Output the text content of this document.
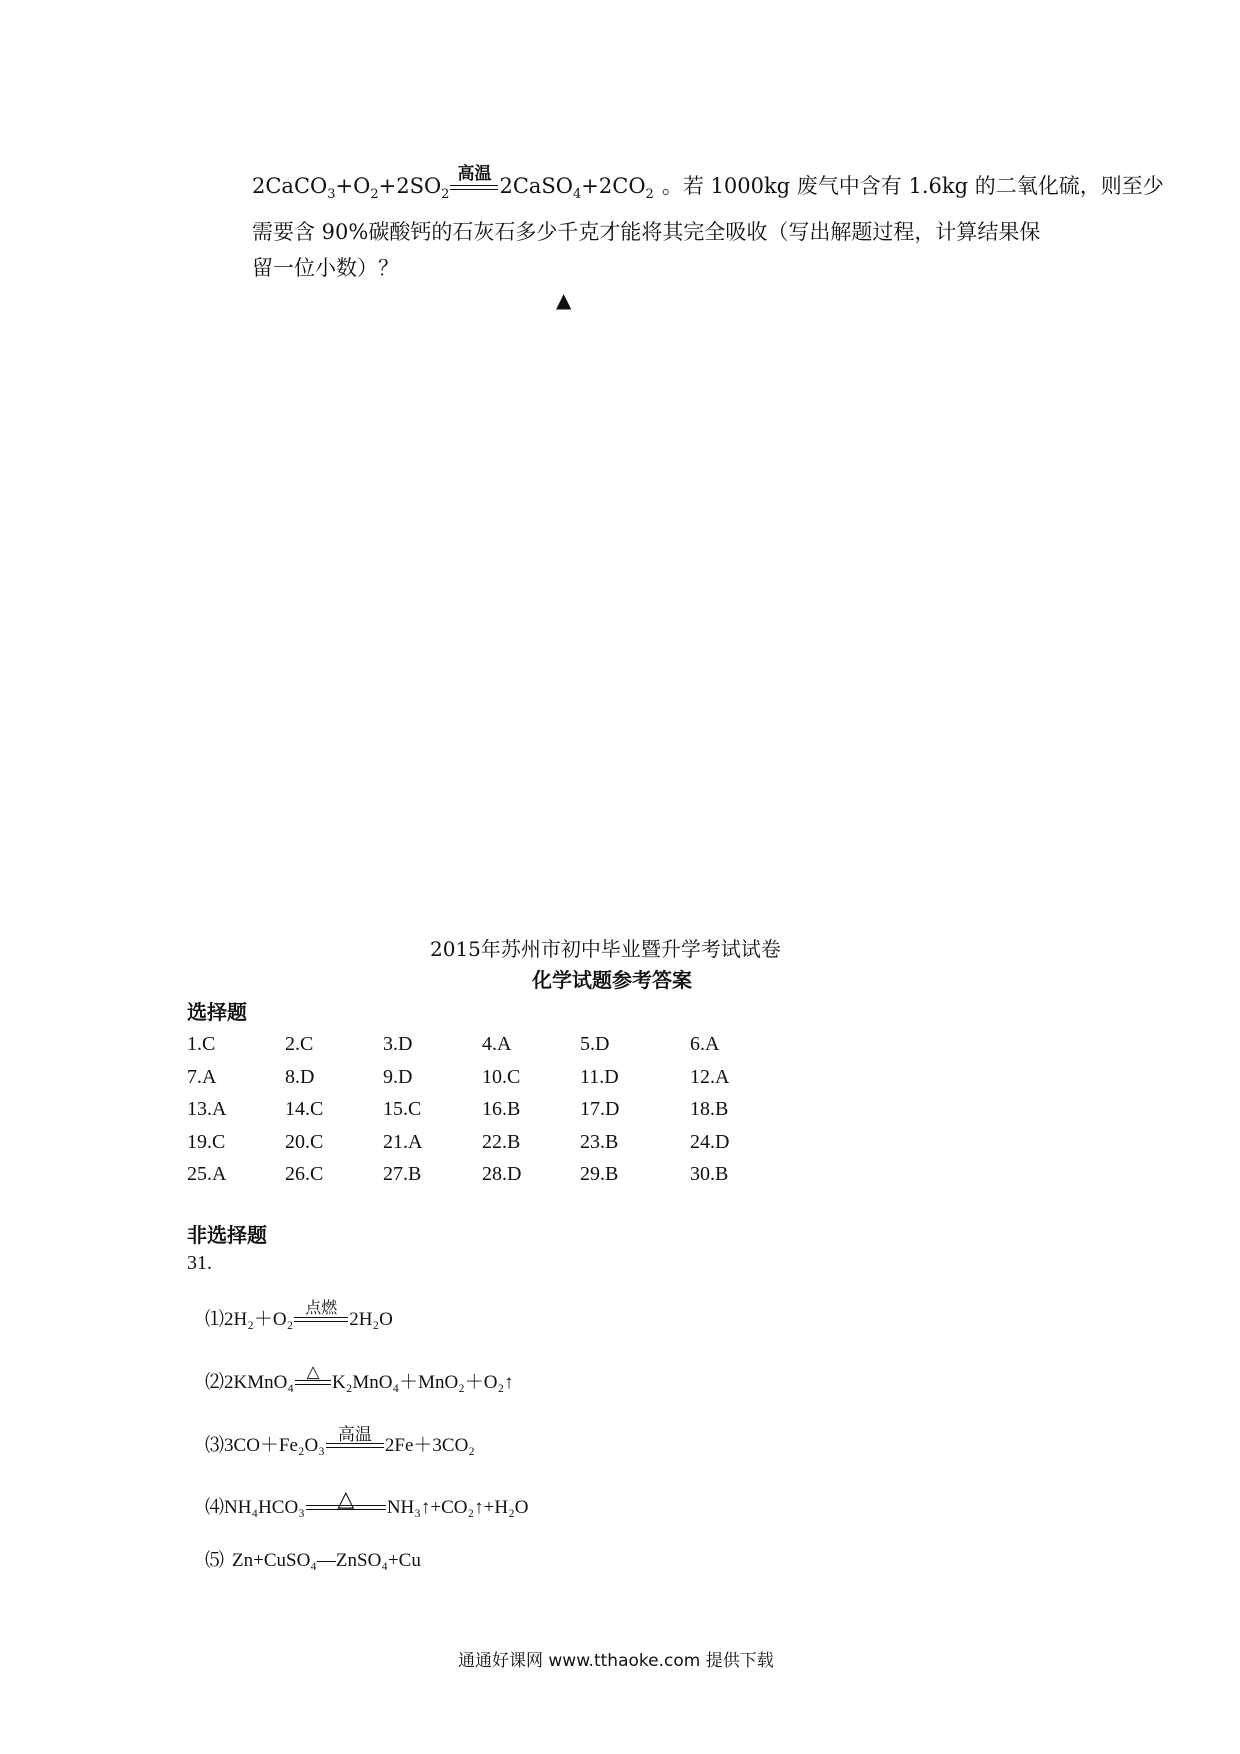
$2CaCO_3+O_2+2SO_2$
高温 $2CaSO_4+2CO_2$ 。若 1000kg 废气中含有 1.6kg 的二氧化硫，则至少
需要含 90%碳酸钙的石灰石多少千克才能将其完全吸收（写出解题过程，计算结果保
留一位小数）？
▲
2015年苏州市初中毕业暨升学考试试卷
化学试题参考答案
选择题
1.C	2.C	3.D	4.A	5.D	6.A
7.A	8.D	9.D	10.C	11.D	12.A
13.A	14.C	15.C	16.B	17.D	18.B
19.C	20.C	21.A	22.B	23.B	24.D
25.A	26.C	27.B	28.D	29.B	30.B
非选择题
31.
⑴2H₂＋O₂
点燃
2H₂O
⑵2KMnO₄
△
K₂MnO₄＋MnO₂＋O₂↑
⑶3CO＋Fe₂O₃
高温
2Fe＋3CO₂
⑷NH₄HCO₃	△	NH₃↑+CO₂↑+H₂O
⑸ Zn+CuSO₄—ZnSO₄+Cu
通通好课网 www.tthaoke.com 提供下载
